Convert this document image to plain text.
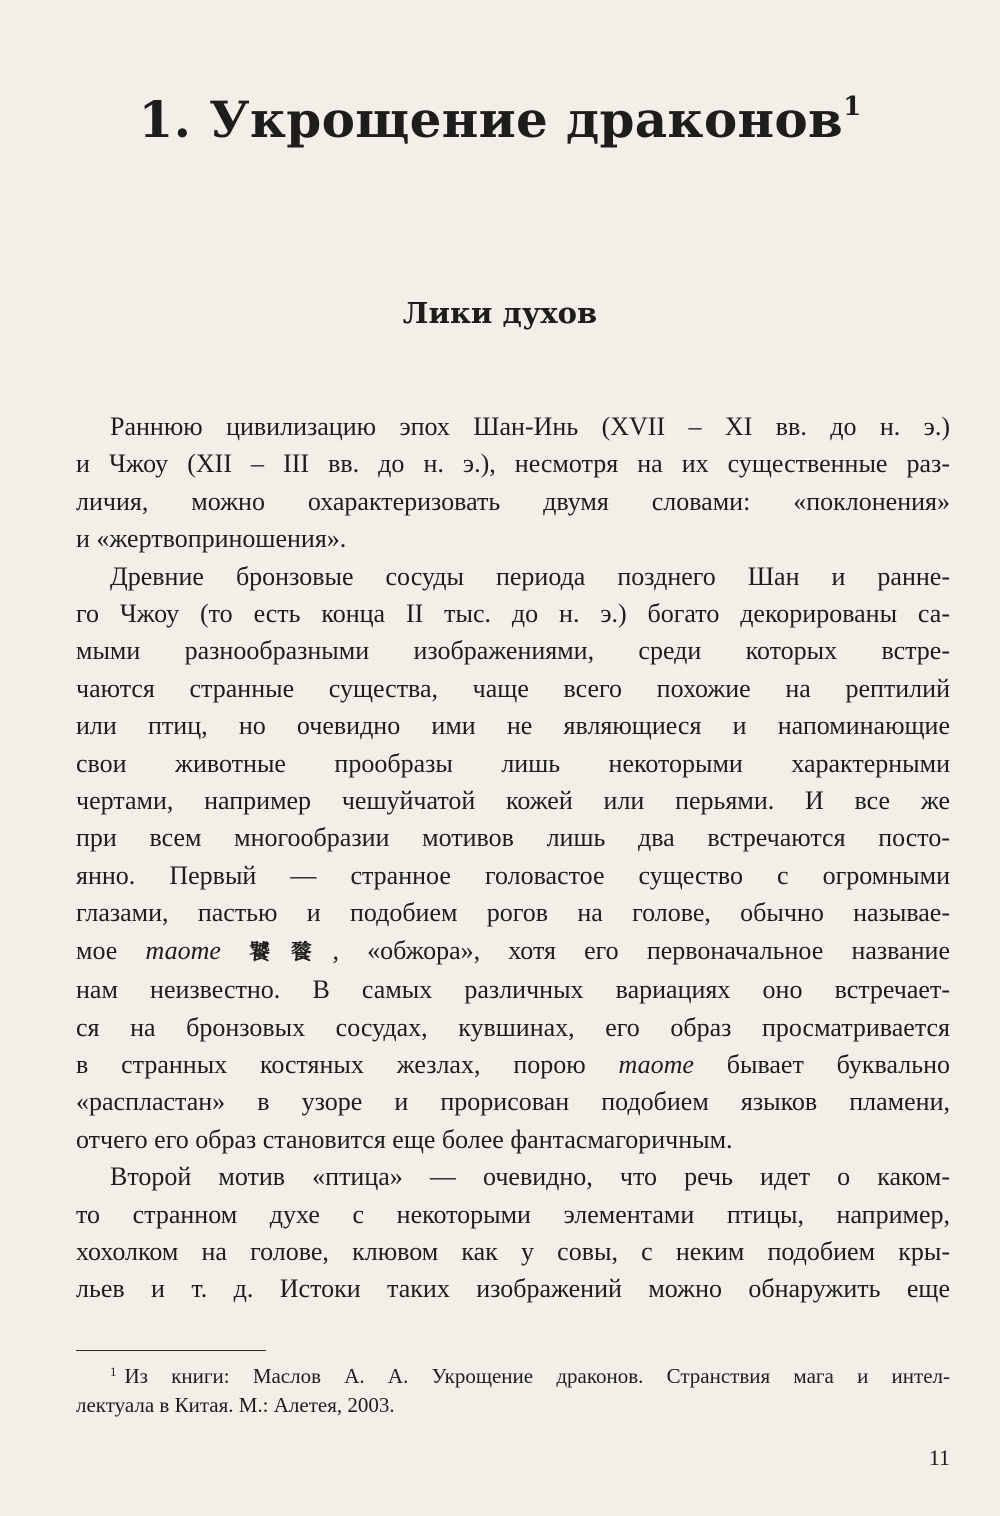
1. Укрощение драконов$^1$
Лики духов
Раннюю цивилизацию эпох Шан-Инь (XVII – XI вв. до н. э.)
и Чжоу (XII – III вв. до н. э.), несмотря на их существенные раз-
личия, можно охарактеризовать двумя словами: «поклонения»
и «жертвоприношения».
Древние бронзовые сосуды периода позднего Шан и ранне-
го Чжоу (то есть конца II тыс. до н. э.) богато декорированы са-
мыми разнообразными изображениями, среди которых встре-
чаются странные существа, чаще всего похожие на рептилий
или птиц, но очевидно ими не являющиеся и напоминающие
свои животные прообразы лишь некоторыми характерными
чертами, например чешуйчатой кожей или перьями. И все же
при всем многообразии мотивов лишь два встречаются посто-
янно. Первый — странное головастое существо с огромными
глазами, пастью и подобием рогов на голове, обычно называе-
мое таоте 饕餮, «обжора», хотя его первоначальное название
нам неизвестно. В самых различных вариациях оно встречает-
ся на бронзовых сосудах, кувшинах, его образ просматривается
в странных костяных жезлах, порою таоте бывает буквально
«распластан» в узоре и прорисован подобием языков пламени,
отчего его образ становится еще более фантасмагоричным.
Второй мотив «птица» — очевидно, что речь идет о каком-
то странном духе с некоторыми элементами птицы, например,
хохолком на голове, клювом как у совы, с неким подобием кры-
льев и т. д. Истоки таких изображений можно обнаружить еще
$^1$ Из книги: Маслов А. А. Укрощение драконов. Странствия мага и интел-
лектуала в Китая. М.: Алетея, 2003.
11
